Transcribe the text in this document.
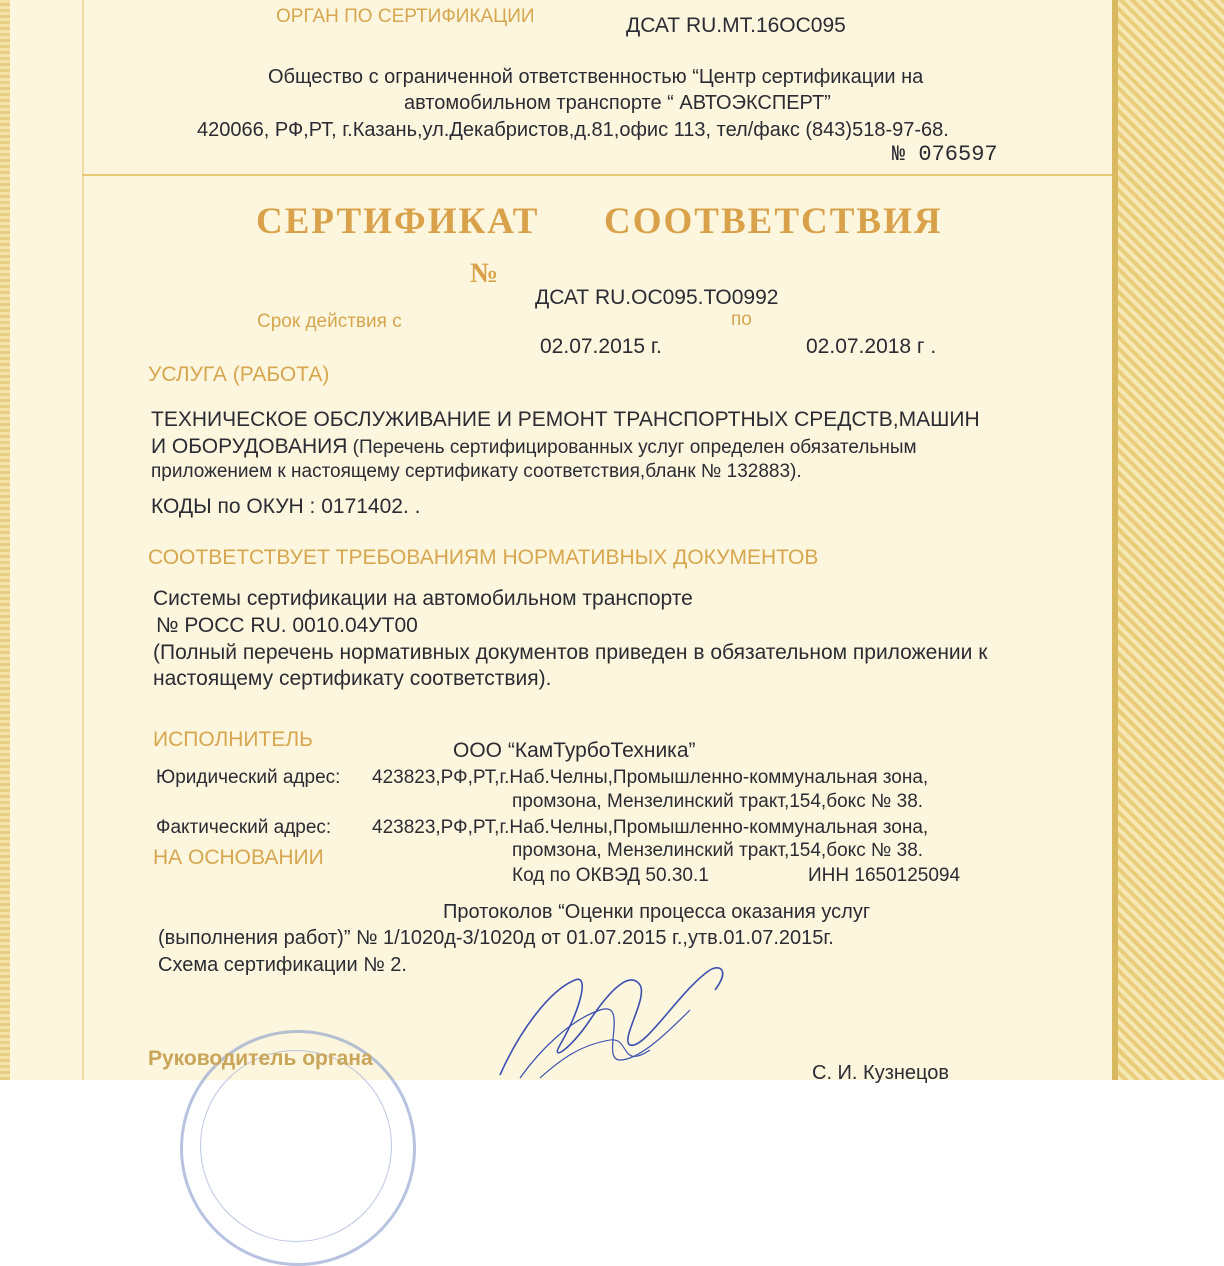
ОРГАН ПО СЕРТИФИКАЦИИ	ДСАТ RU.МТ.16ОС095
Общество с ограниченной ответственностью “Центр сертификации на
автомобильном транспорте “ АВТОЭКСПЕРТ”
420066, РФ,РТ, г.Казань,ул.Декабристов,д.81,офис 113, тел/факс (843)518-97-68.
№ 076597
СЕРТИФИКАТ СООТВЕТСТВИЯ
№
ДСАТ RU.ОС095.ТО0992
Срок действия с	по
02.07.2015 г.	02.07.2018 г .
УСЛУГА (РАБОТА)
ТЕХНИЧЕСКОЕ ОБСЛУЖИВАНИЕ И РЕМОНТ ТРАНСПОРТНЫХ СРЕДСТВ,МАШИН
И ОБОРУДОВАНИЯ (Перечень сертифицированных услуг определен обязательным
приложением к настоящему сертификату соответствия,бланк № 132883).
КОДЫ по ОКУН : 0171402. .
СООТВЕТСТВУЕТ ТРЕБОВАНИЯМ НОРМАТИВНЫХ ДОКУМЕНТОВ
Системы сертификации на автомобильном транспорте
№ РОСС RU. 0010.04УТ00
(Полный перечень нормативных документов приведен в обязательном приложении к
настоящему сертификату соответствия).
ИСПОЛНИТЕЛЬ	ООО “КамТурбоТехника”
Юридический адрес: 423823,РФ,РТ,г.Наб.Челны,Промышленно-коммунальная зона,
промзона, Мензелинский тракт,154,бокс № 38.
Фактический адрес: 423823,РФ,РТ,г.Наб.Челны,Промышленно-коммунальная зона,
НА ОСНОВАНИИ	промзона, Мензелинский тракт,154,бокс № 38.
Код по ОКВЭД 50.30.1	ИНН 1650125094
Протоколов “Оценки процесса оказания услуг
(выполнения работ)” № 1/1020д-3/1020д от 01.07.2015 г.,утв.01.07.2015г.
Схема сертификации № 2.
Руководитель органа
С. И. Кузнецов
